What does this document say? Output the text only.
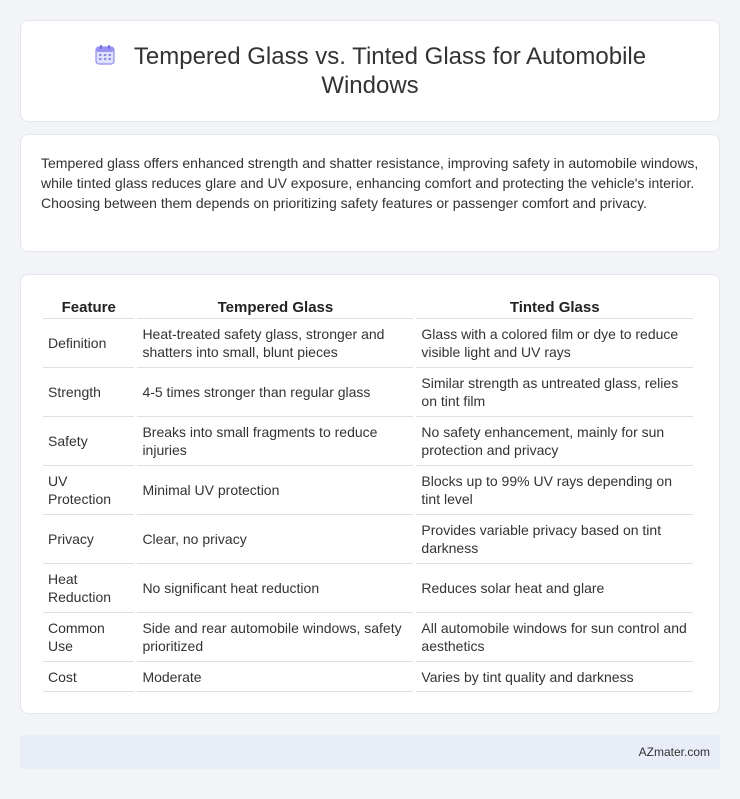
Tempered Glass vs. Tinted Glass for Automobile Windows

Tempered glass offers enhanced strength and shatter resistance, improving safety in automobile windows, while tinted glass reduces glare and UV exposure, enhancing comfort and protecting the vehicle's interior. Choosing between them depends on prioritizing safety features or passenger comfort and privacy.

Feature	Tempered Glass	Tinted Glass
Definition	Heat-treated safety glass, stronger and shatters into small, blunt pieces	Glass with a colored film or dye to reduce visible light and UV rays
Strength	4-5 times stronger than regular glass	Similar strength as untreated glass, relies on tint film
Safety	Breaks into small fragments to reduce injuries	No safety enhancement, mainly for sun protection and privacy
UV Protection	Minimal UV protection	Blocks up to 99% UV rays depending on tint level
Privacy	Clear, no privacy	Provides variable privacy based on tint darkness
Heat Reduction	No significant heat reduction	Reduces solar heat and glare
Common Use	Side and rear automobile windows, safety prioritized	All automobile windows for sun control and aesthetics
Cost	Moderate	Varies by tint quality and darkness
AZmater.com
